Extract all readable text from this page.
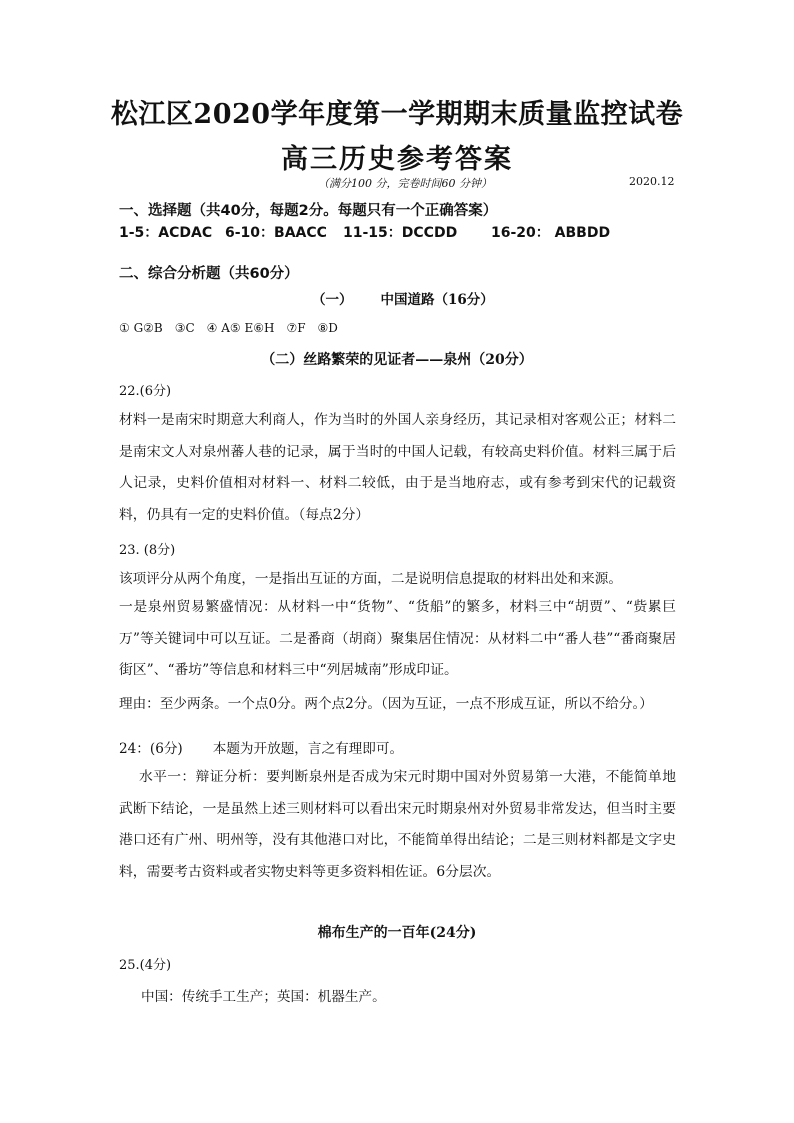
松江区2020学年度第一学期期末质量监控试卷
高三历史参考答案
（满分100 分，完卷时间60 分钟）	2020.12
一、选择题（共40分，每题2分。每题只有一个正确答案）
1-5：ACDAC 6-10：BAACC 11-15：DCCDD 16-20： ABBDD
二、综合分析题（共60分）
（一） 中国道路（16分）
① G②B　③C　④ A⑤ E⑥H　⑦F　⑧D
（二）丝路繁荣的见证者——泉州（20分）
22.(6分)
材料一是南宋时期意大利商人，作为当时的外国人亲身经历，其记录相对客观公正；材料二是南宋文人对泉州蕃人巷的记录，属于当时的中国人记载，有较高史料价值。材料三属于后人记录，史料价值相对材料一、材料二较低，由于是当地府志，或有参考到宋代的记载资料，仍具有一定的史料价值。（每点2分）
23. (8分)
该项评分从两个角度，一是指出互证的方面，二是说明信息提取的材料出处和来源。
一是泉州贸易繁盛情况：从材料一中“货物”、“货船”的繁多，材料三中“胡贾”、“赀累巨万”等关键词中可以互证。二是番商（胡商）聚集居住情况：从材料二中“番人巷”“番商聚居街区”、“番坊”等信息和材料三中“列居城南”形成印证。
理由：至少两条。一个点0分。两个点2分。（因为互证，一点不形成互证，所以不给分。）
24：(6分) 本题为开放题，言之有理即可。
水平一：辩证分析：要判断泉州是否成为宋元时期中国对外贸易第一大港，不能简单地武断下结论，一是虽然上述三则材料可以看出宋元时期泉州对外贸易非常发达，但当时主要港口还有广州、明州等，没有其他港口对比，不能简单得出结论；二是三则材料都是文字史料，需要考古资料或者实物史料等更多资料相佐证。6分层次。
棉布生产的一百年(24分)
25.(4分)
中国：传统手工生产；英国：机器生产。
